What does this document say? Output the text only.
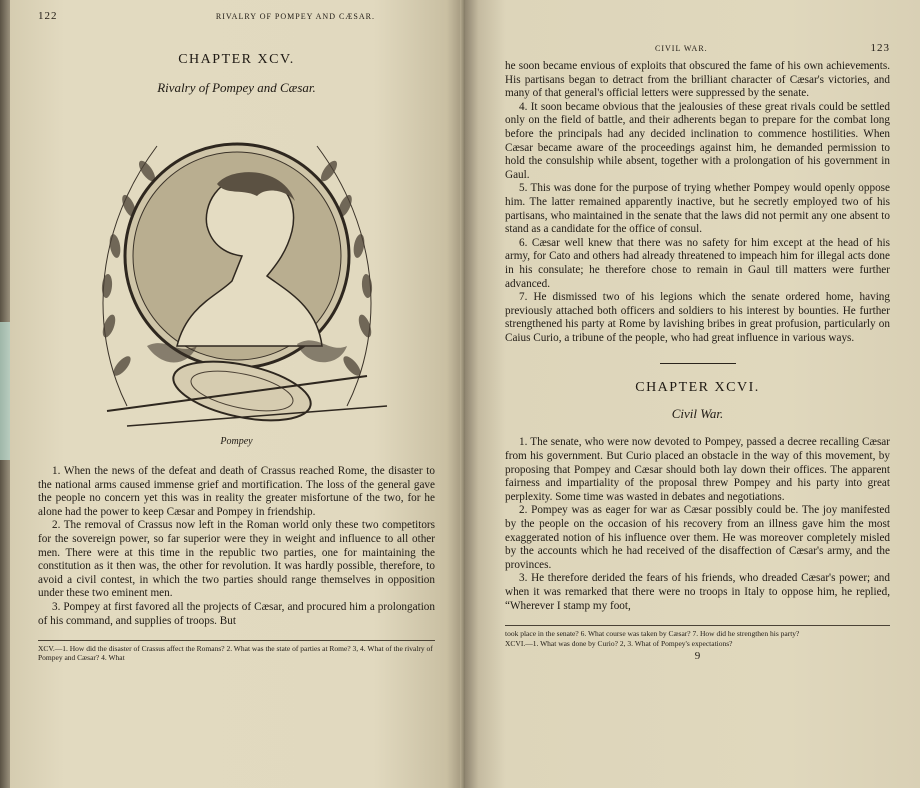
122	RIVALRY OF POMPEY AND CÆSAR.
CHAPTER XCV.
Rivalry of Pompey and Cæsar.
Pompey

1. When the news of the defeat and death of Crassus reached Rome, the disaster to the national arms caused immense grief and mortification. The loss of the general gave the people no concern yet this was in reality the greater misfortune of the two, for he alone had the power to keep Cæsar and Pompey in friendship.

2. The removal of Crassus now left in the Roman world only these two competitors for the sovereign power, so far superior were they in weight and influence to all other men. There were at this time in the republic two parties, one for maintaining the constitution as it then was, the other for revolution. It was hardly possible, therefore, to avoid a civil contest, in which the two parties should range themselves in opposition under these two eminent men.

3. Pompey at first favored all the projects of Cæsar, and procured him a prolongation of his command, and supplies of troops. But

XCV.—1. How did the disaster of Crassus affect the Romans? 2. What was the state of parties at Rome? 3, 4. What of the rivalry of Pompey and Cæsar? 4. What
CIVIL WAR.	123

he soon became envious of exploits that obscured the fame of his own achievements. His partisans began to detract from the brilliant character of Cæsar's victories, and many of that general's official letters were suppressed by the senate.

4. It soon became obvious that the jealousies of these great rivals could be settled only on the field of battle, and their adherents began to prepare for the combat long before the principals had any decided inclination to commence hostilities. When Cæsar became aware of the proceedings against him, he demanded permission to hold the consulship while absent, together with a prolongation of his government in Gaul.

5. This was done for the purpose of trying whether Pompey would openly oppose him. The latter remained apparently inactive, but he secretly employed two of his partisans, who maintained in the senate that the laws did not permit any one absent to stand as a candidate for the office of consul.

6. Cæsar well knew that there was no safety for him except at the head of his army, for Cato and others had already threatened to impeach him for illegal acts done in his consulate; he therefore chose to remain in Gaul till matters were further advanced.

7. He dismissed two of his legions which the senate ordered home, having previously attached both officers and soldiers to his interest by bounties. He further strengthened his party at Rome by lavishing bribes in great profusion, particularly on Caius Curio, a tribune of the people, who had great influence in various ways.

CHAPTER XCVI.
Civil War.

1. The senate, who were now devoted to Pompey, passed a decree recalling Cæsar from his government. But Curio placed an obstacle in the way of this movement, by proposing that Pompey and Cæsar should both lay down their offices. The apparent fairness and impartiality of the proposal threw Pompey and his party into great perplexity. Some time was wasted in debates and negotiations.

2. Pompey was as eager for war as Cæsar possibly could be. The joy manifested by the people on the occasion of his recovery from an illness gave him the most exaggerated notion of his influence over them. He was moreover completely misled by the accounts which he had received of the disaffection of Cæsar's army, and the provinces.

3. He therefore derided the fears of his friends, who dreaded Cæsar's power; and when it was remarked that there were no troops in Italy to oppose him, he replied, “Wherever I stamp my foot,

took place in the senate? 6. What course was taken by Cæsar? 7. How did he strengthen his party?
XCVI.—1. What was done by Curio? 2, 3. What of Pompey's expectations?
9
